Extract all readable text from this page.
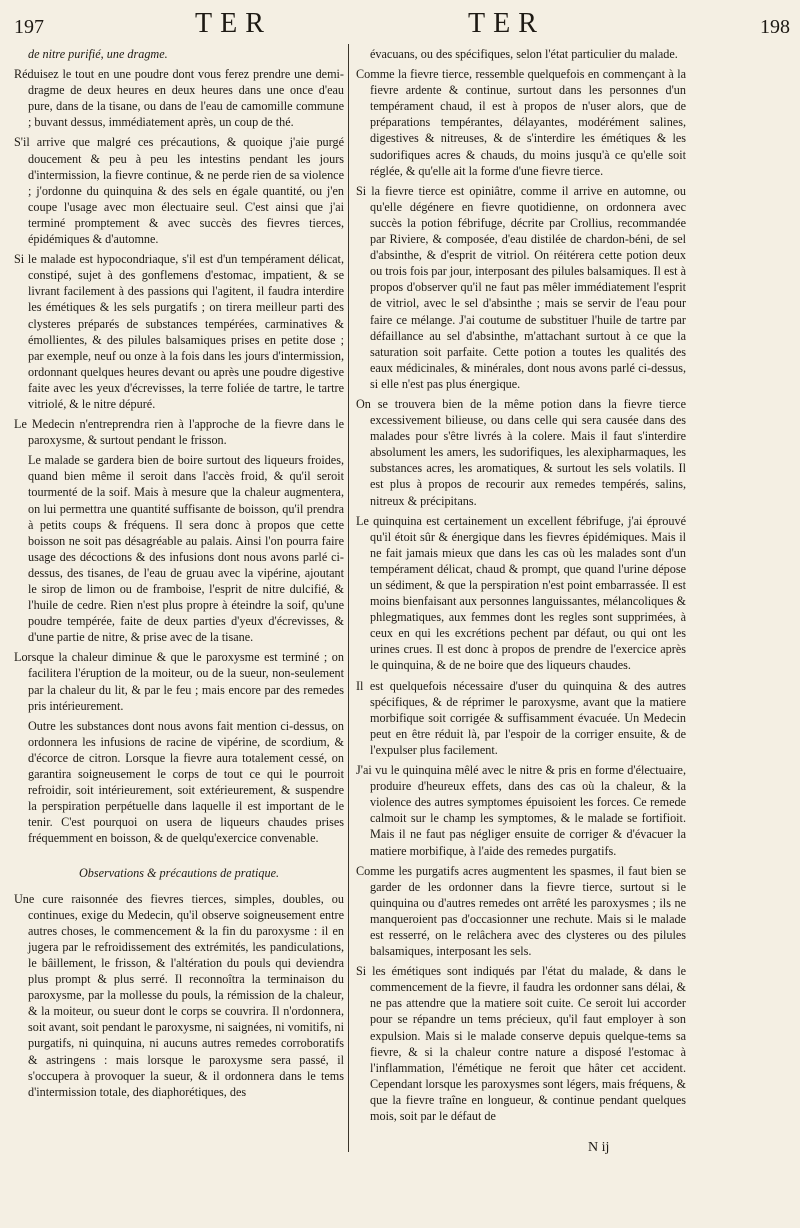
197	TER	TER	198

de nitre purifié, une dragme.

Réduisez le tout en une poudre dont vous ferez prendre une demi-dragme de deux heures en deux heures dans une once d'eau pure, dans de la tisane, ou dans de l'eau de camomille commune ; buvant dessus, immédiatement après, un coup de thé.

S'il arrive que malgré ces précautions, & quoique j'aie purgé doucement & peu à peu les intestins pendant les jours d'intermission, la fievre continue, & ne perde rien de sa violence ; j'ordonne du quinquina & des sels en égale quantité, ou j'en coupe l'usage avec mon électuaire seul. C'est ainsi que j'ai terminé promptement & avec succès des fievres tierces, épidémiques & d'automne.

Si le malade est hypocondriaque, s'il est d'un tempérament délicat, constipé, sujet à des gonflemens d'estomac, impatient, & se livrant facilement à des passions qui l'agitent, il faudra interdire les émétiques & les sels purgatifs ; on tirera meilleur parti des clysteres préparés de substances tempérées, carminatives & émollientes, & des pilules balsamiques prises en petite dose ; par exemple, neuf ou onze à la fois dans les jours d'intermission, ordonnant quelques heures devant ou après une poudre digestive faite avec les yeux d'écrevisses, la terre foliée de tartre, le tartre vitriolé, & le nitre dépuré.

Le Medecin n'entreprendra rien à l'approche de la fievre dans le paroxysme, & surtout pendant le frisson.

Le malade se gardera bien de boire surtout des liqueurs froides, quand bien même il seroit dans l'accès froid, & qu'il seroit tourmenté de la soif. Mais à mesure que la chaleur augmentera, on lui permettra une quantité suffisante de boisson, qu'il prendra à petits coups & fréquens. Il sera donc à propos que cette boisson ne soit pas désagréable au palais. Ainsi l'on pourra faire usage des décoctions & des infusions dont nous avons parlé ci-dessus, des tisanes, de l'eau de gruau avec la vipérine, ajoutant le sirop de limon ou de framboise, l'esprit de nitre dulcifié, & l'huile de cedre. Rien n'est plus propre à éteindre la soif, qu'une poudre tempérée, faite de deux parties d'yeux d'écrevisses, & d'une partie de nitre, & prise avec de la tisane.

Lorsque la chaleur diminue & que le paroxysme est terminé ; on facilitera l'éruption de la moiteur, ou de la sueur, non-seulement par la chaleur du lit, & par le feu ; mais encore par des remedes pris intérieurement.

Outre les substances dont nous avons fait mention ci-dessus, on ordonnera les infusions de racine de vipérine, de scordium, & d'écorce de citron. Lorsque la fievre aura totalement cessé, on garantira soigneusement le corps de tout ce qui le pourroit refroidir, soit intérieurement, soit extérieurement, & suspendre la perspiration perpétuelle dans laquelle il est important de le tenir. C'est pourquoi on usera de liqueurs chaudes prises fréquemment en boisson, & de quelqu'exercice convenable.

Observations & précautions de pratique.

Une cure raisonnée des fievres tierces, simples, doubles, ou continues, exige du Medecin, qu'il observe soigneusement entre autres choses, le commencement & la fin du paroxysme : il en jugera par le refroidissement des extrémités, les pandiculations, le bâillement, le frisson, & l'altération du pouls qui deviendra plus prompt & plus serré. Il reconnoîtra la terminaison du paroxysme, par la mollesse du pouls, la rémission de la chaleur, & la moiteur, ou sueur dont le corps se couvrira. Il n'ordonnera, soit avant, soit pendant le paroxysme, ni saignées, ni vomitifs, ni purgatifs, ni quinquina, ni aucuns autres remedes corroboratifs & astringens : mais lorsque le paroxysme sera passé, il s'occupera à provoquer la sueur, & il ordonnera dans le tems d'intermission totale, des diaphorétiques, des

évacuans, ou des spécifiques, selon l'état particulier du malade.

Comme la fievre tierce, ressemble quelquefois en commençant à la fievre ardente & continue, surtout dans les personnes d'un tempérament chaud, il est à propos de n'user alors, que de préparations tempérantes, délayantes, modérément salines, digestives & nitreuses, & de s'interdire les émétiques & les sudorifiques acres & chauds, du moins jusqu'à ce qu'elle soit réglée, & qu'elle ait la forme d'une fievre tierce.

Si la fievre tierce est opiniâtre, comme il arrive en automne, ou qu'elle dégénere en fievre quotidienne, on ordonnera avec succès la potion fébrifuge, décrite par Crollius, recommandée par Riviere, & composée, d'eau distilée de chardon-béni, de sel d'absinthe, & d'esprit de vitriol. On réitérera cette potion deux ou trois fois par jour, interposant des pilules balsamiques. Il est à propos d'observer qu'il ne faut pas mêler immédiatement l'esprit de vitriol, avec le sel d'absinthe ; mais se servir de l'eau pour faire ce mélange. J'ai coutume de substituer l'huile de tartre par défaillance au sel d'absinthe, m'attachant surtout à ce que la saturation soit parfaite. Cette potion a toutes les qualités des eaux médicinales, & minérales, dont nous avons parlé ci-dessus, si elle n'est pas plus énergique.

On se trouvera bien de la même potion dans la fievre tierce excessivement bilieuse, ou dans celle qui sera causée dans des malades pour s'être livrés à la colere. Mais il faut s'interdire absolument les amers, les sudorifiques, les alexipharmaques, les substances acres, les aromatiques, & surtout les sels volatils. Il est plus à propos de recourir aux remedes tempérés, salins, nitreux & précipitans.

Le quinquina est certainement un excellent fébrifuge, j'ai éprouvé qu'il étoit sûr & énergique dans les fievres épidémiques. Mais il ne fait jamais mieux que dans les cas où les malades sont d'un tempérament délicat, chaud & prompt, que quand l'urine dépose un sédiment, & que la perspiration n'est point embarrassée. Il est moins bienfaisant aux personnes languissantes, mélancoliques & phlegmatiques, aux femmes dont les regles sont supprimées, à ceux en qui les excrétions pechent par défaut, ou qui ont les urines crues. Il est donc à propos de prendre de l'exercice après le quinquina, & de ne boire que des liqueurs chaudes.

Il est quelquefois nécessaire d'user du quinquina & des autres spécifiques, & de réprimer le paroxysme, avant que la matiere morbifique soit corrigée & suffisamment évacuée. Un Medecin peut en être réduit là, par l'espoir de la corriger ensuite, & de l'expulser plus facilement.

J'ai vu le quinquina mêlé avec le nitre & pris en forme d'électuaire, produire d'heureux effets, dans des cas où la chaleur, & la violence des autres symptomes épuisoient les forces. Ce remede calmoit sur le champ les symptomes, & le malade se fortifioit. Mais il ne faut pas négliger ensuite de corriger & d'évacuer la matiere morbifique, à l'aide des remedes purgatifs.

Comme les purgatifs acres augmentent les spasmes, il faut bien se garder de les ordonner dans la fievre tierce, surtout si le quinquina ou d'autres remedes ont arrêté les paroxysmes ; ils ne manqueroient pas d'occasionner une rechute. Mais si le malade est resserré, on le relâchera avec des clysteres ou des pilules balsamiques, interposant les sels.

Si les émétiques sont indiqués par l'état du malade, & dans le commencement de la fievre, il faudra les ordonner sans délai, & ne pas attendre que la matiere soit cuite. Ce seroit lui accorder pour se répandre un tems précieux, qu'il faut employer à son expulsion. Mais si le malade conserve depuis quelque-tems sa fievre, & si la chaleur contre nature a disposé l'estomac à l'inflammation, l'émétique ne feroit que hâter cet accident. Cependant lorsque les paroxysmes sont légers, mais fréquens, & que la fievre traîne en longueur, & continue pendant quelques mois, soit par le défaut de

N ij
